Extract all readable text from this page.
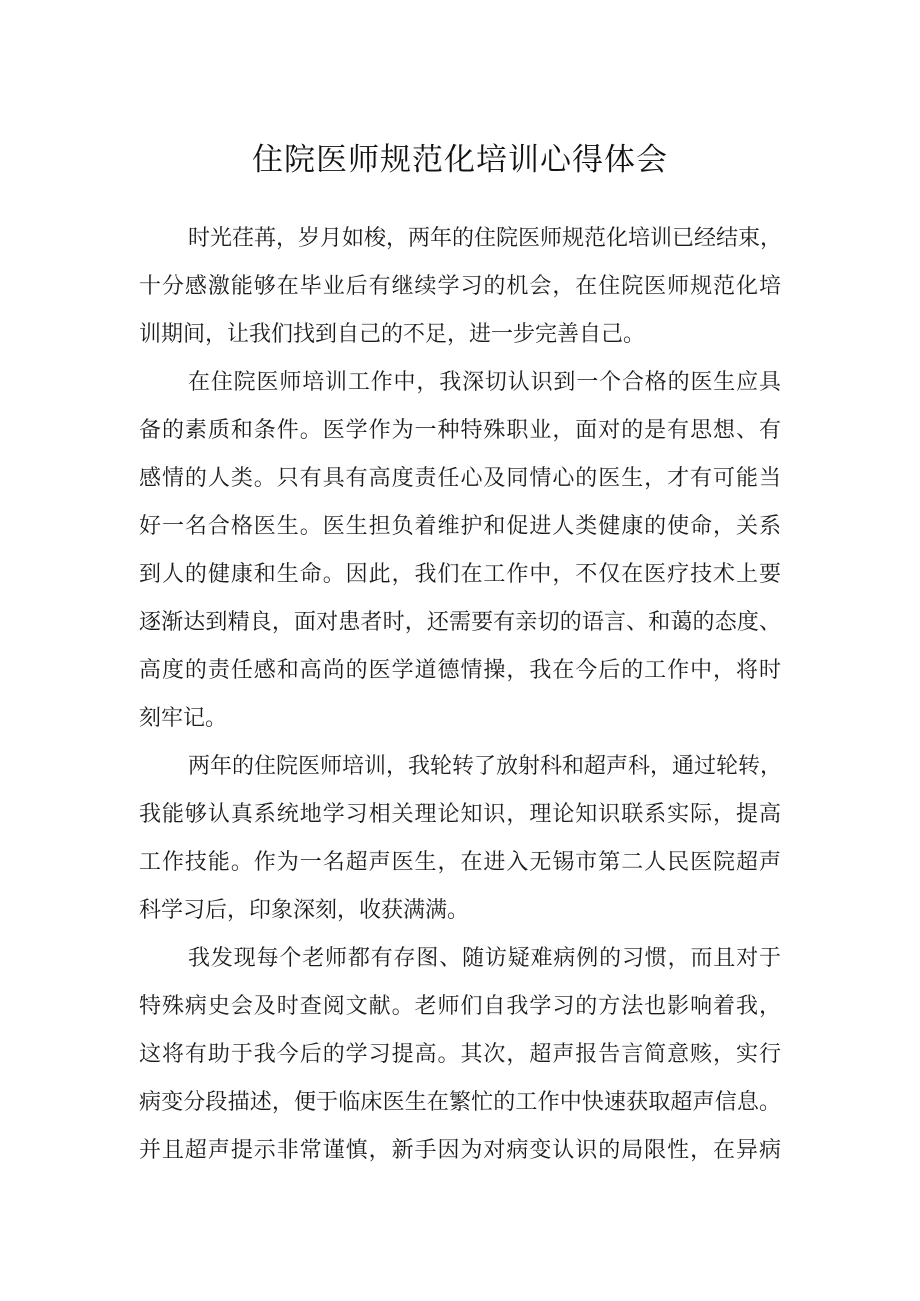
住院医师规范化培训心得体会

时光荏苒，岁月如梭，两年的住院医师规范化培训已经结束，
十分感激能够在毕业后有继续学习的机会，在住院医师规范化培
训期间，让我们找到自己的不足，进一步完善自己。

在住院医师培训工作中，我深切认识到一个合格的医生应具
备的素质和条件。医学作为一种特殊职业，面对的是有思想、有
感情的人类。只有具有高度责任心及同情心的医生，才有可能当
好一名合格医生。医生担负着维护和促进人类健康的使命，关系
到人的健康和生命。因此，我们在工作中，不仅在医疗技术上要
逐渐达到精良，面对患者时，还需要有亲切的语言、和蔼的态度、
高度的责任感和高尚的医学道德情操，我在今后的工作中，将时
刻牢记。

两年的住院医师培训，我轮转了放射科和超声科，通过轮转，
我能够认真系统地学习相关理论知识，理论知识联系实际，提高
工作技能。作为一名超声医生，在进入无锡市第二人民医院超声
科学习后，印象深刻，收获满满。

我发现每个老师都有存图、随访疑难病例的习惯，而且对于
特殊病史会及时查阅文献。老师们自我学习的方法也影响着我，
这将有助于我今后的学习提高。其次，超声报告言简意赅，实行
病变分段描述，便于临床医生在繁忙的工作中快速获取超声信息。
并且超声提示非常谨慎，新手因为对病变认识的局限性，在异病
